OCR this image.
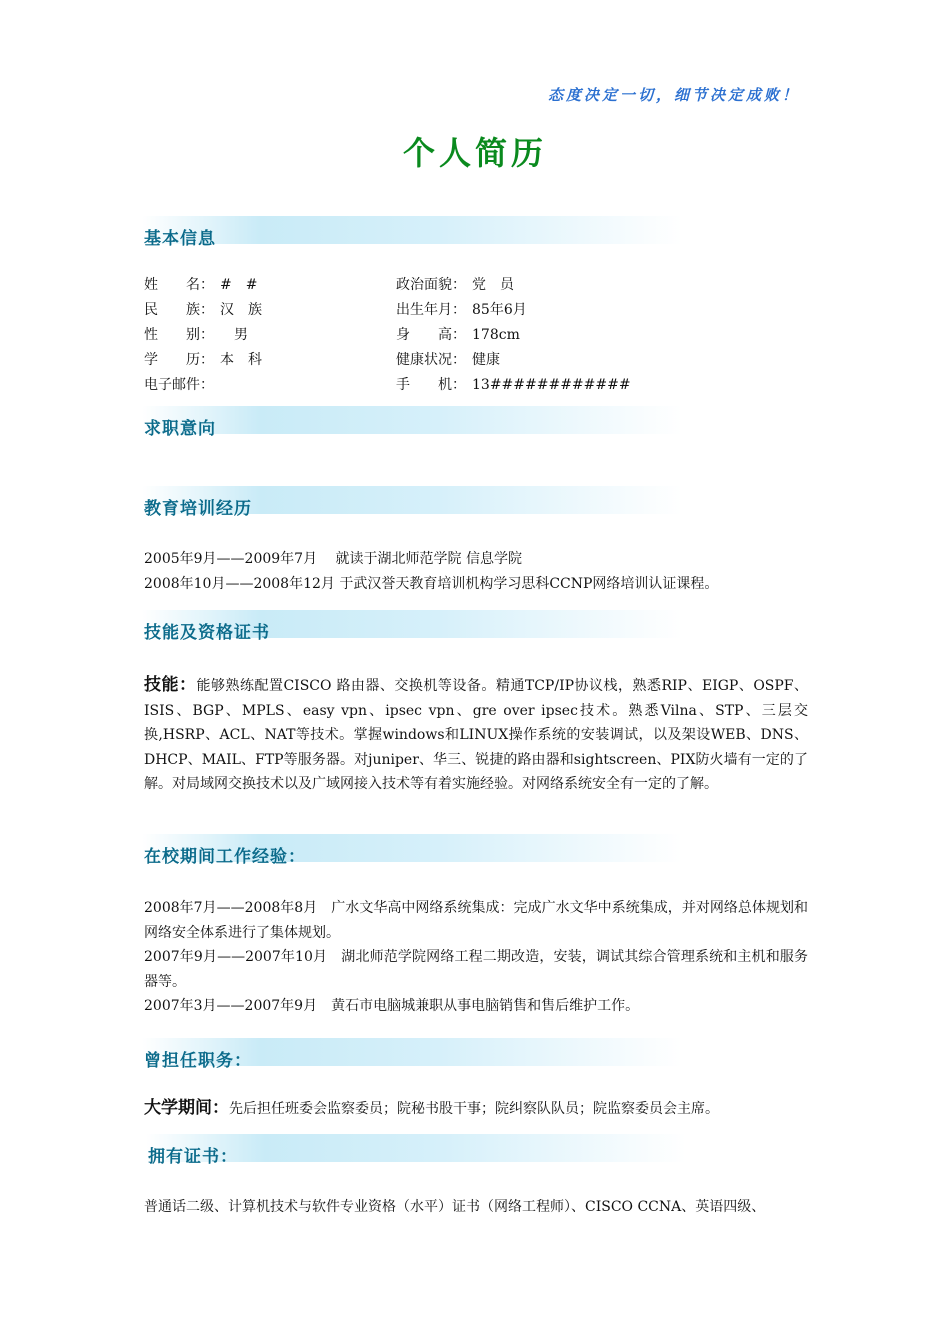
态度决定一切，细节决定成败！
个人简历
基本信息
姓　　名： #　#
民　　族： 汉　族
性　　别：　男
学　　历： 本　科
电子邮件：
政治面貌： 党　员
出生年月： 85年6月
身　　高： 178cm
健康状况： 健康
手　　机： 13############
求职意向
教育培训经历
2005年9月——2009年7月　 就读于湖北师范学院 信息学院
2008年10月——2008年12月 于武汉誉天教育培训机构学习思科CCNP网络培训认证课程。
技能及资格证书
技能：能够熟练配置CISCO 路由器、交换机等设备。精通TCP/IP协议栈，熟悉RIP、EIGP、OSPF、ISIS、BGP、MPLS、easy vpn、ipsec vpn、gre over ipsec技术。熟悉Vilna、STP、三层交换,HSRP、ACL、NAT等技术。掌握windows和LINUX操作系统的安装调试，以及架设WEB、DNS、DHCP、MAIL、FTP等服务器。对juniper、华三、锐捷的路由器和sightscreen、PIX防火墙有一定的了解。对局域网交换技术以及广域网接入技术等有着实施经验。对网络系统安全有一定的了解。
在校期间工作经验：
2008年7月——2008年8月　广水文华高中网络系统集成：完成广水文华中系统集成，并对网络总体规划和网络安全体系进行了集体规划。
2007年9月——2007年10月　湖北师范学院网络工程二期改造，安装，调试其综合管理系统和主机和服务器等。
2007年3月——2007年9月　黄石市电脑城兼职从事电脑销售和售后维护工作。
曾担任职务：
大学期间：先后担任班委会监察委员；院秘书股干事；院纠察队队员；院监察委员会主席。
拥有证书：
普通话二级、计算机技术与软件专业资格（水平）证书（网络工程师）、CISCO CCNA、英语四级、
